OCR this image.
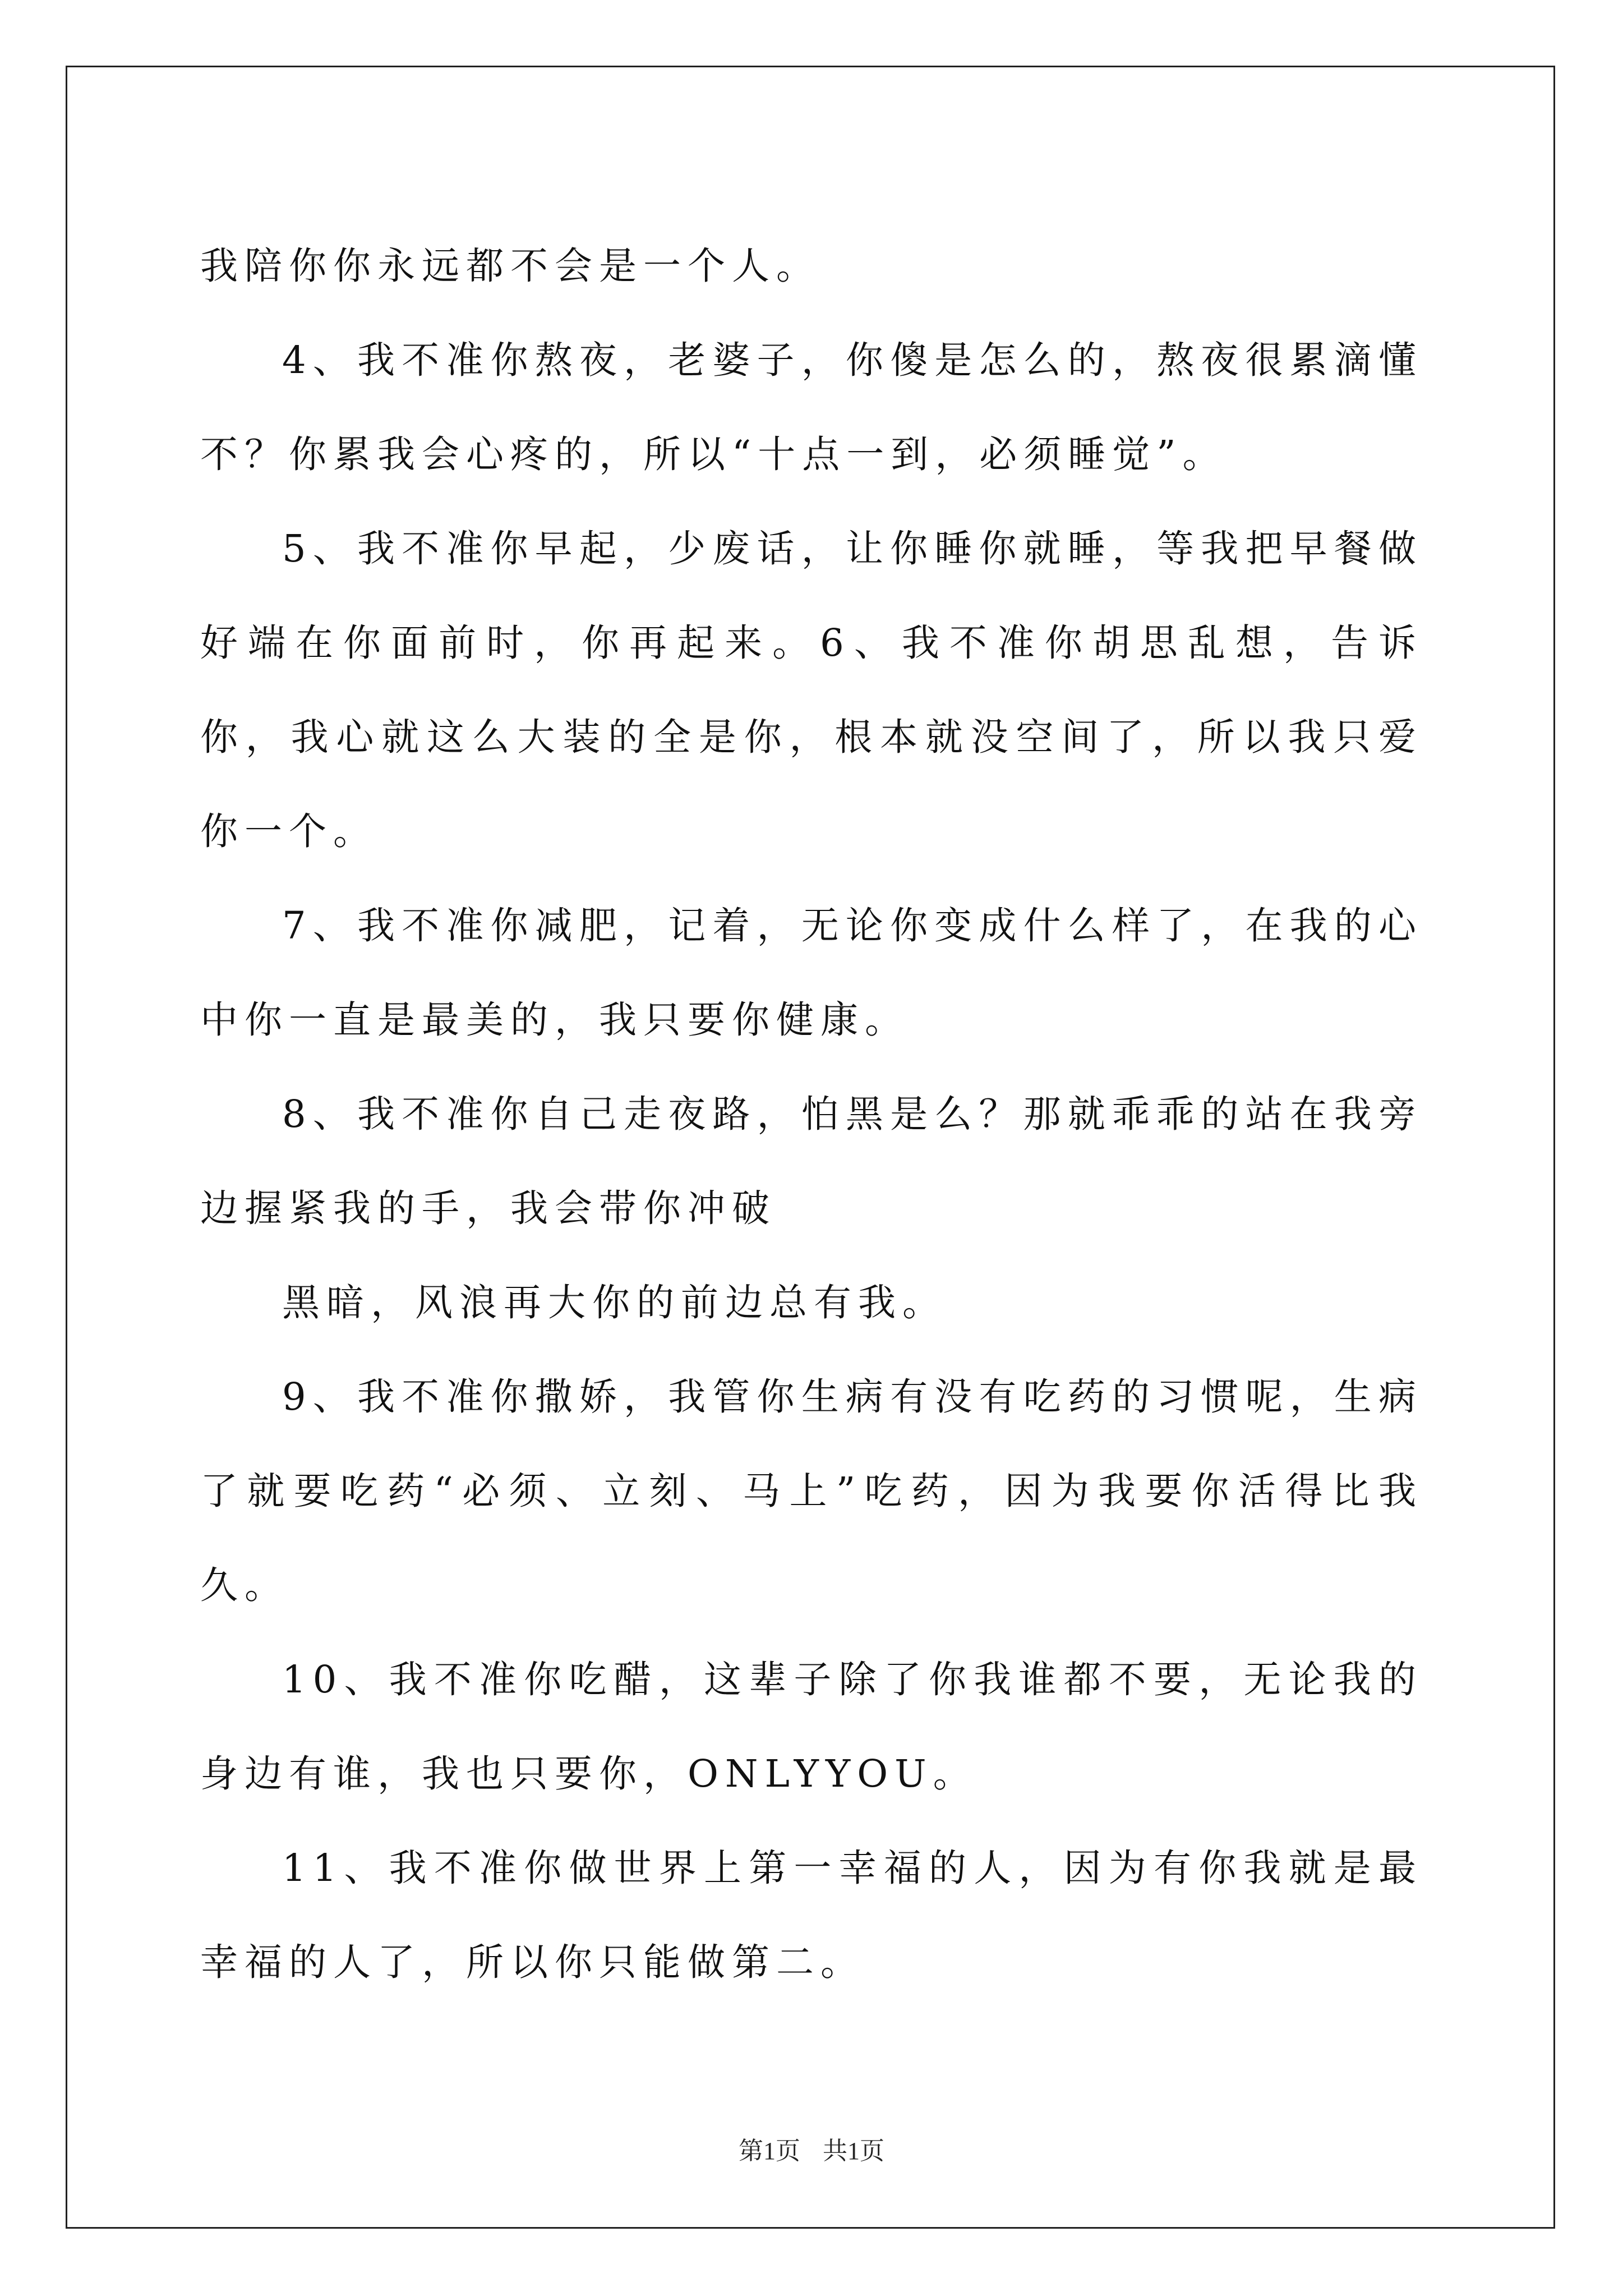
我陪你你永远都不会是一个人。

4、我不准你熬夜，老婆子，你傻是怎么的，熬夜很累滴懂不？你累我会心疼的，所以“十点一到，必须睡觉”。

5、我不准你早起，少废话，让你睡你就睡，等我把早餐做好端在你面前时，你再起来。6、我不准你胡思乱想，告诉你，我心就这么大装的全是你，根本就没空间了，所以我只爱你一个。

7、我不准你减肥，记着，无论你变成什么样了，在我的心中你一直是最美的，我只要你健康。

8、我不准你自己走夜路，怕黑是么？那就乖乖的站在我旁边握紧我的手，我会带你冲破

黑暗，风浪再大你的前边总有我。

9、我不准你撒娇，我管你生病有没有吃药的习惯呢，生病了就要吃药“必须、立刻、马上”吃药，因为我要你活得比我久。

10、我不准你吃醋，这辈子除了你我谁都不要，无论我的身边有谁，我也只要你，ONLYYOU。

11、我不准你做世界上第一幸福的人，因为有你我就是最幸福的人了，所以你只能做第二。

第1页 共1页
